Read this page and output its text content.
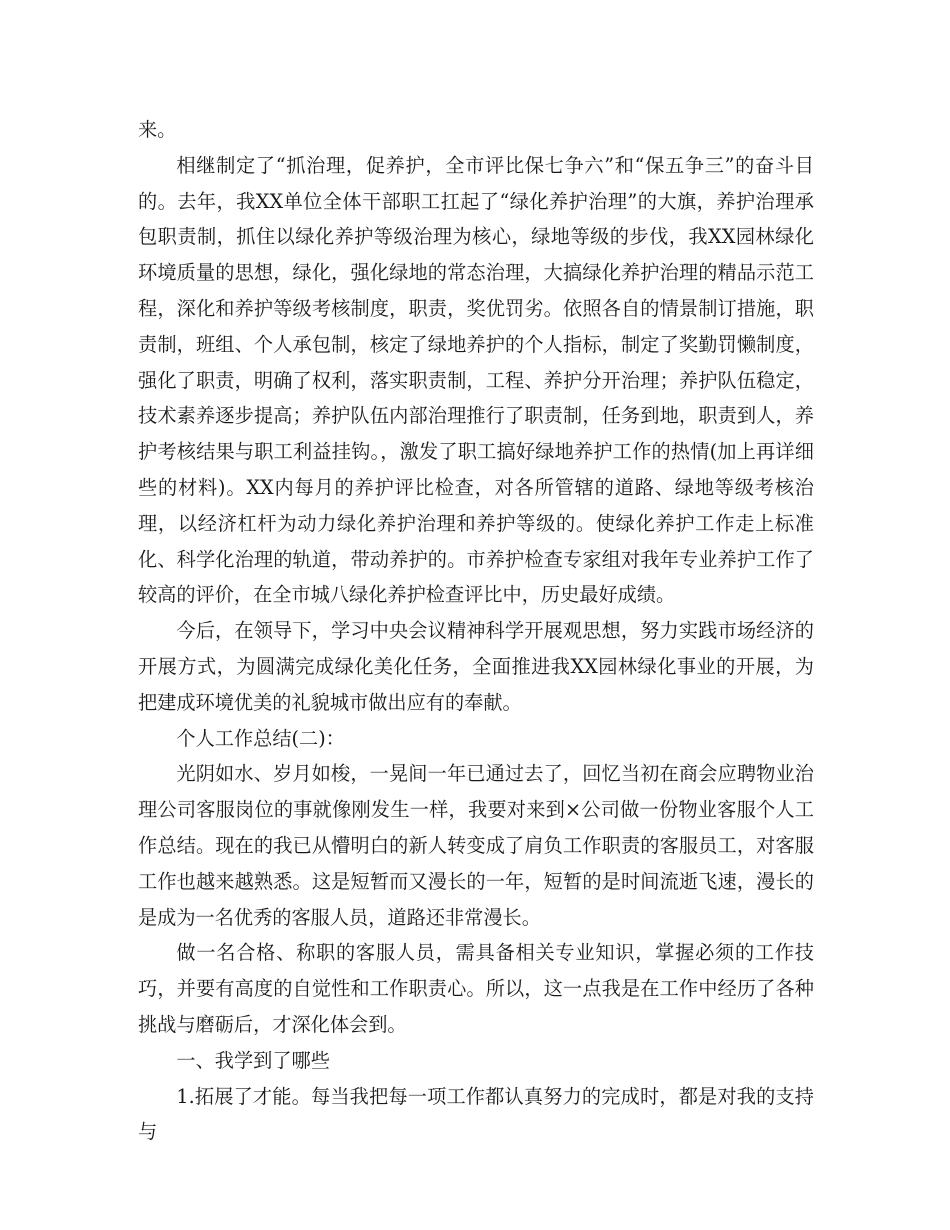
来。

相继制定了“抓治理，促养护，全市评比保七争六”和“保五争三”的奋斗目的。去年，我XX单位全体干部职工扛起了“绿化养护治理”的大旗，养护治理承包职责制，抓住以绿化养护等级治理为核心，绿地等级的步伐，我XX园林绿化环境质量的思想，绿化，强化绿地的常态治理，大搞绿化养护治理的精品示范工程，深化和养护等级考核制度，职责，奖优罚劣。依照各自的情景制订措施，职责制，班组、个人承包制，核定了绿地养护的个人指标，制定了奖勤罚懒制度，强化了职责，明确了权利，落实职责制，工程、养护分开治理；养护队伍稳定，技术素养逐步提高；养护队伍内部治理推行了职责制，任务到地，职责到人，养护考核结果与职工利益挂钩。，激发了职工搞好绿地养护工作的热情(加上再详细些的材料)。XX内每月的养护评比检查，对各所管辖的道路、绿地等级考核治理，以经济杠杆为动力绿化养护治理和养护等级的。使绿化养护工作走上标准化、科学化治理的轨道，带动养护的。市养护检查专家组对我年专业养护工作了较高的评价，在全市城八绿化养护检查评比中，历史最好成绩。

今后，在领导下，学习中央会议精神科学开展观思想，努力实践市场经济的开展方式，为圆满完成绿化美化任务，全面推进我XX园林绿化事业的开展，为把建成环境优美的礼貌城市做出应有的奉献。

个人工作总结(二)：

光阴如水、岁月如梭，一晃间一年已通过去了，回忆当初在商会应聘物业治理公司客服岗位的事就像刚发生一样，我要对来到×公司做一份物业客服个人工作总结。现在的我已从懵明白的新人转变成了肩负工作职责的客服员工，对客服工作也越来越熟悉。这是短暂而又漫长的一年，短暂的是时间流逝飞速，漫长的是成为一名优秀的客服人员，道路还非常漫长。

做一名合格、称职的客服人员，需具备相关专业知识，掌握必须的工作技巧，并要有高度的自觉性和工作职责心。所以，这一点我是在工作中经历了各种挑战与磨砺后，才深化体会到。

一、我学到了哪些

1.拓展了才能。每当我把每一项工作都认真努力的完成时，都是对我的支持与
